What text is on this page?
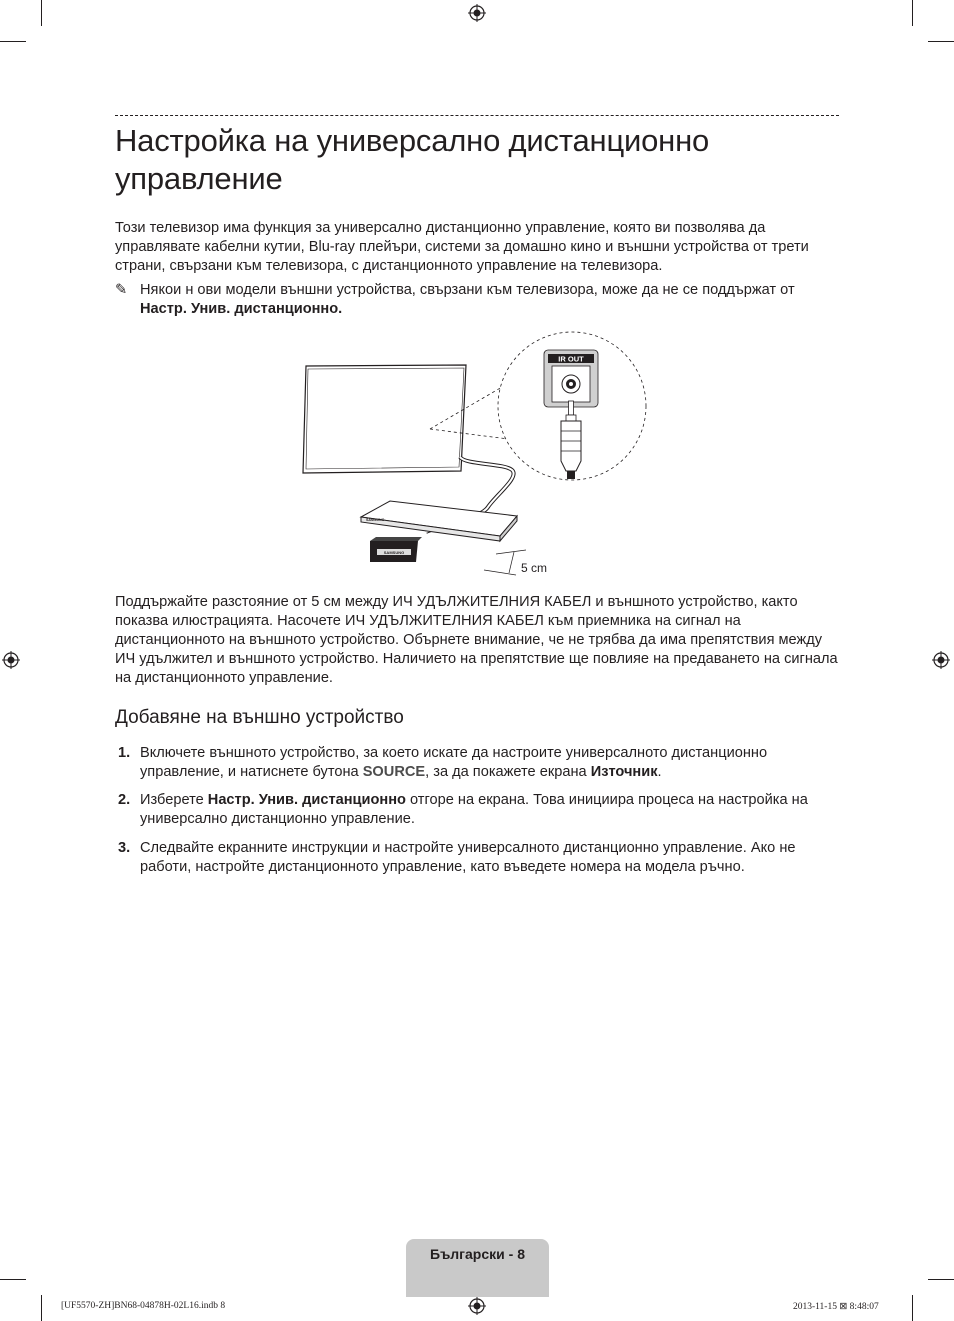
Настройка на универсално дистанционно управление
Този телевизор има функция за универсално дистанционно управление, която ви позволява да управлявате кабелни кутии, Blu-ray плейъри, системи за домашно кино и външни устройства от трети страни, свързани към телевизора, с дистанционното управление на телевизора.
✎ Някои н ови модели външни устройства, свързани към телевизора, може да не се поддържат от Настр. Унив. дистанционно.
IR OUT
SAMSUNG
SAMSUNG
5 cm
Поддържайте разстояние от 5 см между ИЧ УДЪЛЖИТЕЛНИЯ КАБЕЛ и външното устройство, както показва илюстрацията. Насочете ИЧ УДЪЛЖИТЕЛНИЯ КАБЕЛ към приемника на сигнал на дистанционното на външното устройство. Обърнете внимание, че не трябва да има препятствия между ИЧ удължител и външното устройство. Наличието на препятствие ще повлияе на предаването на сигнала на дистанционното управление.
Добавяне на външно устройство
1. Включете външното устройство, за което искате да настроите универсалното дистанционно управление, и натиснете бутона SOURCE, за да покажете екрана Източник.
2. Изберете Настр. Унив. дистанционно отгоре на екрана. Това инициира процеса на настройка на универсално дистанционно управление.
3. Следвайте екранните инструкции и настройте универсалното дистанционно управление. Ако не работи, настройте дистанционното управление, като въведете номера на модела ръчно.
Български - 8
[UF5570-ZH]BN68-04878H-02L16.indb 8	2013-11-15 ⊠ 8:48:07
